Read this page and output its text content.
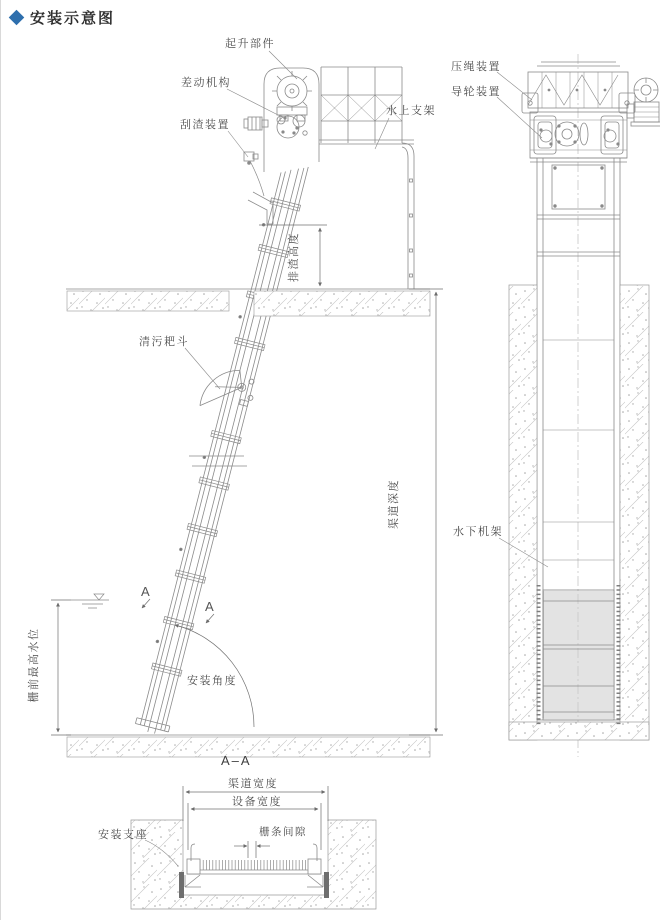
安装示意图
起升部件
差动机构
刮渣装置
水上支架
清污耙斗
安装角度
排渣高度
栅前最高水位
渠道深度
A
A
压绳装置
导轮装置
水下机架
A–A
渠道宽度
设备宽度
栅条间隙
安装支座
